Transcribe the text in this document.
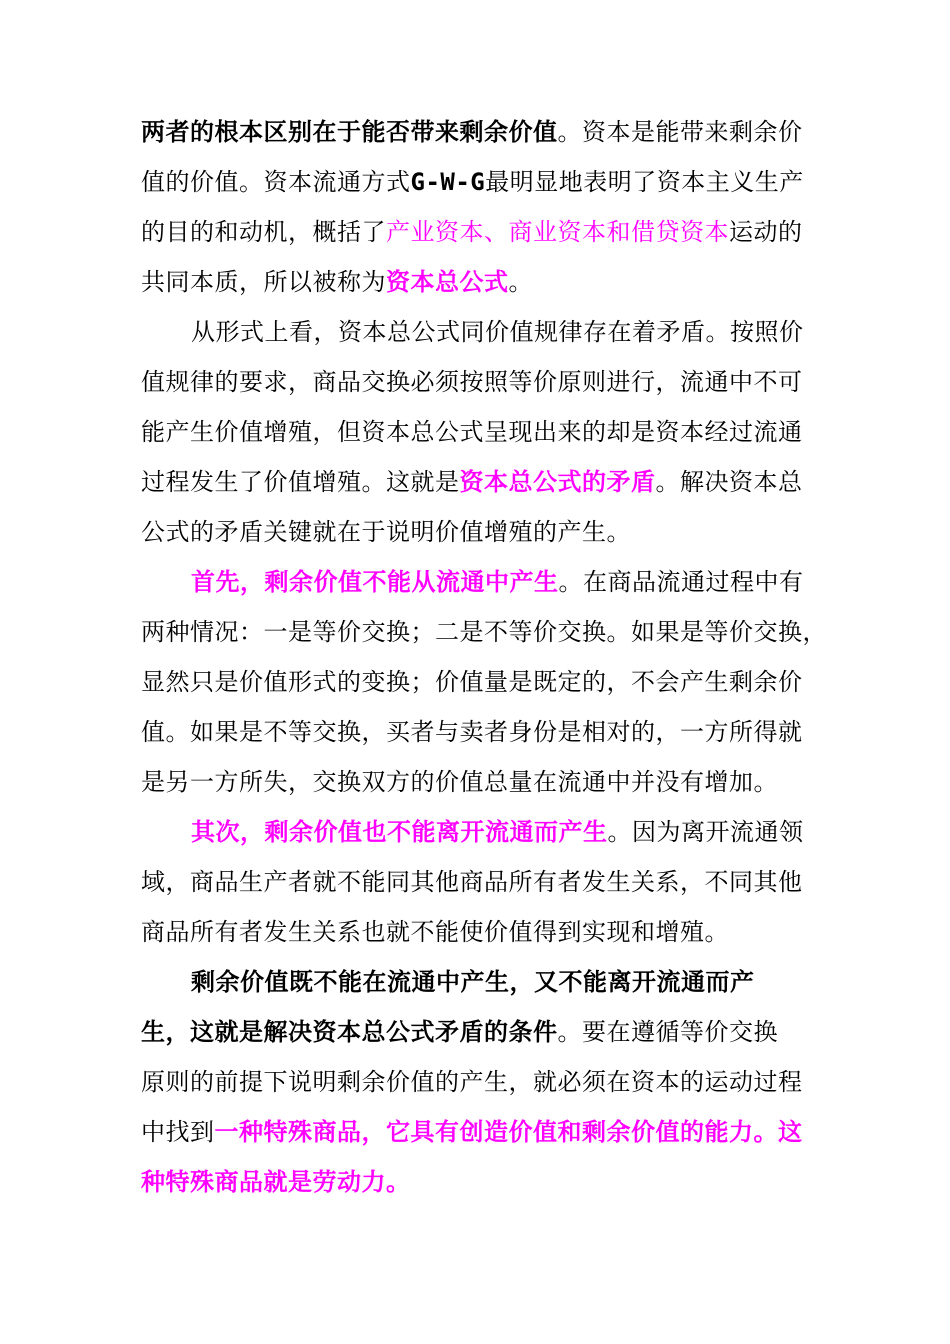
两者的根本区别在于能否带来剩余价值。资本是能带来剩余价
值的价值。资本流通方式G-W-G最明显地表明了资本主义生产
的目的和动机，概括了产业资本、商业资本和借贷资本运动的
共同本质，所以被称为资本总公式。
从形式上看，资本总公式同价值规律存在着矛盾。按照价
值规律的要求，商品交换必须按照等价原则进行，流通中不可
能产生价值增殖，但资本总公式呈现出来的却是资本经过流通
过程发生了价值增殖。这就是资本总公式的矛盾。解决资本总
公式的矛盾关键就在于说明价值增殖的产生。
首先，剩余价值不能从流通中产生。在商品流通过程中有
两种情况：一是等价交换；二是不等价交换。如果是等价交换，
显然只是价值形式的变换；价值量是既定的，不会产生剩余价
值。如果是不等交换，买者与卖者身份是相对的，一方所得就
是另一方所失，交换双方的价值总量在流通中并没有增加。
其次，剩余价值也不能离开流通而产生。因为离开流通领
域，商品生产者就不能同其他商品所有者发生关系，不同其他
商品所有者发生关系也就不能使价值得到实现和增殖。
剩余价值既不能在流通中产生，又不能离开流通而产
生，这就是解决资本总公式矛盾的条件。要在遵循等价交换
原则的前提下说明剩余价值的产生，就必须在资本的运动过程
中找到一种特殊商品，它具有创造价值和剩余价值的能力。这
种特殊商品就是劳动力。
